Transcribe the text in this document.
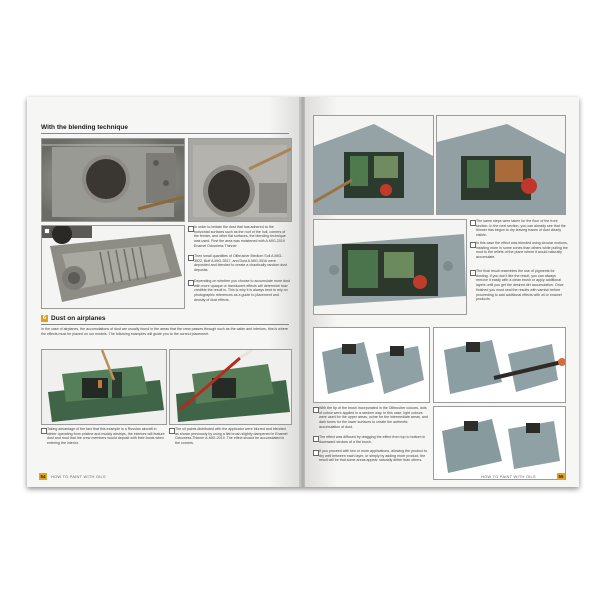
With the blending technique
In order to imitate the dust that has adhered to the horizontal surfaces such as the roof of the hull, corners of the fender, and other flat surfaces, the blending technique was used. First the area was moistened with A.MIG-2019 Enamel Odourless Thinner.
Then small quantities of Oilbrusher Medium Soil A.MIG-3522, Buff A.MIG-3517, and Dust A.MIG-3516 were deposited and blended to create a chaotically random dust deposits.
Depending on whether you choose to accumulate more dust with more opaque or translucent effects will determine how credible the result is. This is why it is always best to rely on photographic references as a guide to placement and density of dust effects.
6 Dust on airplanes
In the case of airplanes, the accumulations of dust are usually found in the areas that the crew passes through such as the cabin and interiors, this is where the effects must be placed on our models. The following examples will guide you to the correct placement.
Taking advantage of the fact that this example is a Russian aircraft in winter operating from pristine and muddy airstrips, the interiors will feature dust and mud that the crew members would deposit with their boots when entering the interior.
The oil paints distributed with the applicator were blurred and blended as shown previously by using a flat brush slightly dampened in Enamel Odourless Thinner A.MIG-2019. The effect should be accumulated in the corners.
54	HOW TO PAINT WITH OILS
The same steps were taken for the floor of the front section. In the next section, you can already see that the thinner has begun to dry leaving traces of dust clearly visible.
In this case the effect was blended using circular motions, insisting more in some zones than others while pulling the mud to the reliefs of the plane where it would naturally accumulate.
The final result resembles the use of pigments for dusting. If you don't like the result, you can always remove it easily with a clean brush or apply additional layers until you get the desired dirt accumulation. Once finished you must seal the results with varnish before proceeding to add additional effects with oil or enamel products.
With the tip of the brush incorporated in the Oilbrusher colours, dots of colour were applied in a random way. In this case, light colours were used for the upper areas, ochre for the intermediate areas, and dark tones for the lower surfaces to create the authentic accumulation of dust.
The effect was diffused by dragging the effect from top to bottom in downward strokes of a flat brush.
If you proceed with two or more applications, allowing the product to dry well between each layer, or simply by adding more product, the result will be that some areas appear naturally dirtier than others.
HOW TO PAINT WITH OILS	55
